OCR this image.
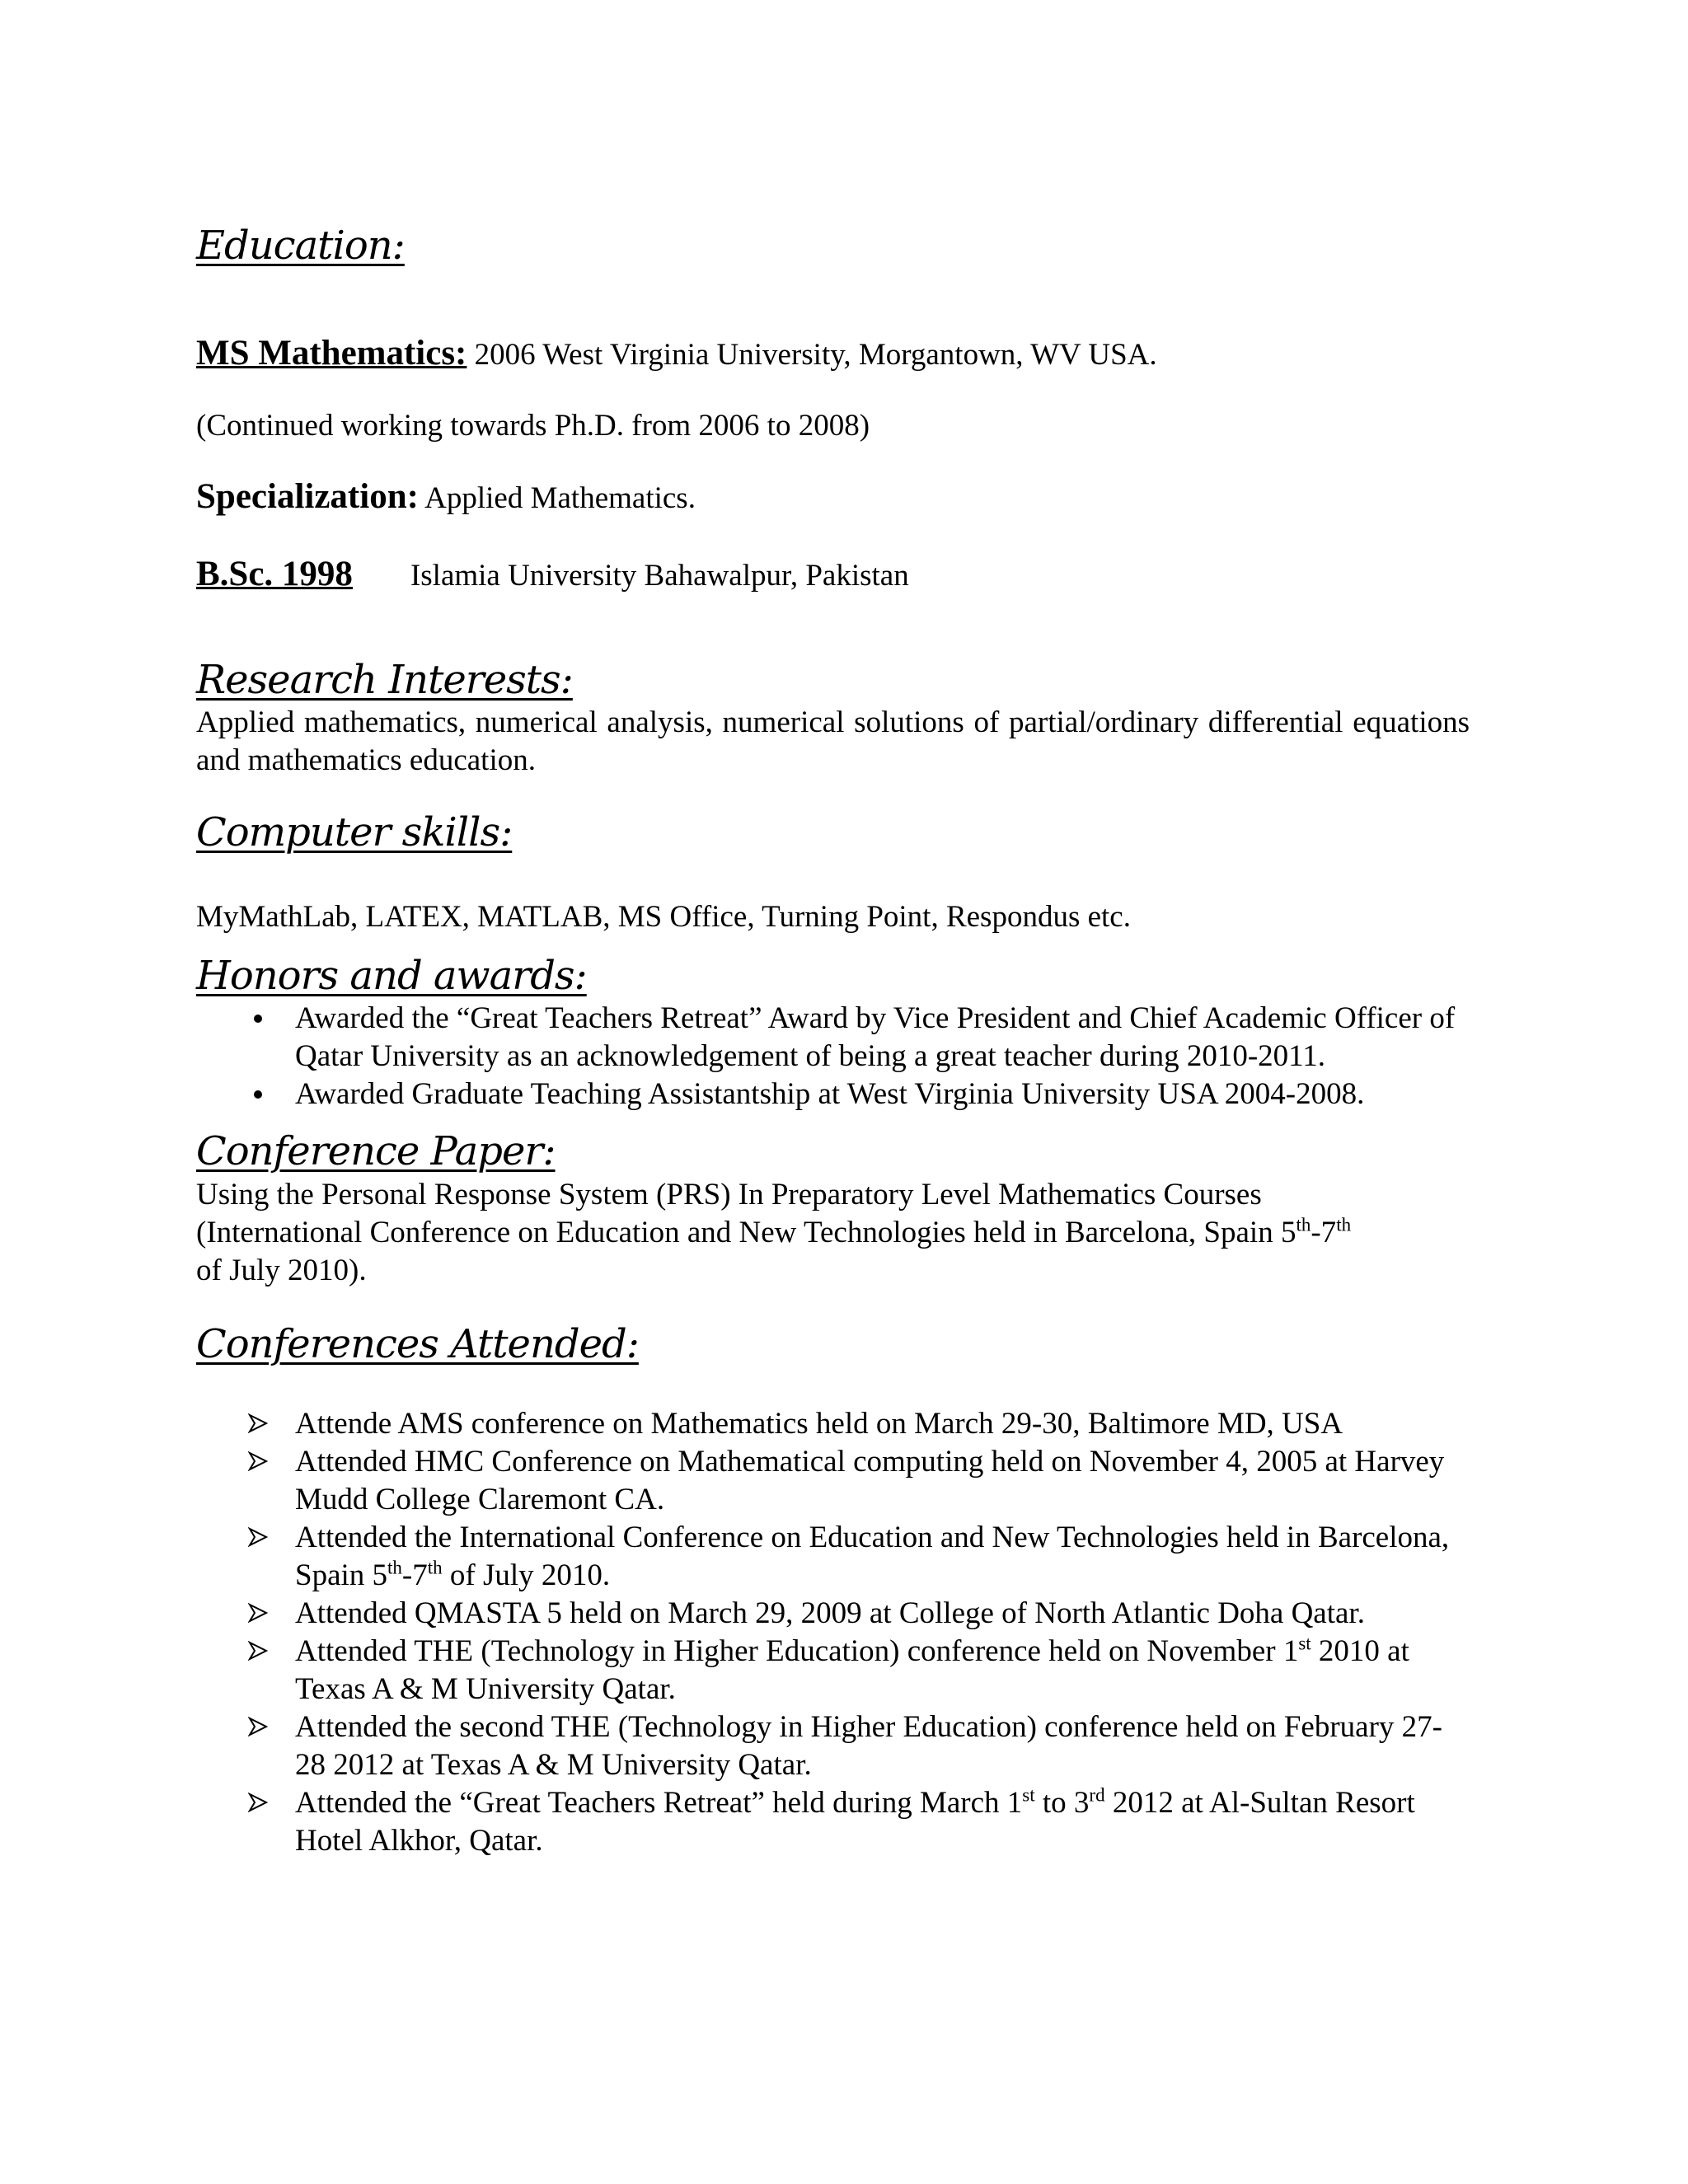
Education:

MS Mathematics: 2006 West Virginia University, Morgantown, WV USA.

(Continued working towards Ph.D. from 2006 to 2008)

Specialization: Applied Mathematics.

B.Sc. 1998 Islamia University Bahawalpur, Pakistan

Research Interests:

Applied mathematics, numerical analysis, numerical solutions of partial/ordinary differential equations and mathematics education.

Computer skills:

MyMathLab, LATEX, MATLAB, MS Office, Turning Point, Respondus etc.

Honors and awards:
Awarded the “Great Teachers Retreat” Award by Vice President and Chief Academic Officer of Qatar University as an acknowledgement of being a great teacher during 2010-2011.
Awarded Graduate Teaching Assistantship at West Virginia University USA 2004-2008.
Conference Paper:

Using the Personal Response System (PRS) In Preparatory Level Mathematics Courses

(International Conference on Education and New Technologies held in Barcelona, Spain 5th-7th

of July 2010).

Conferences Attended:
Attende AMS conference on Mathematics held on March 29-30, Baltimore MD, USA
Attended HMC Conference on Mathematical computing held on November 4, 2005 at Harvey Mudd College Claremont CA.
Attended the International Conference on Education and New Technologies held in Barcelona, Spain 5th-7th of July 2010.
Attended QMASTA 5 held on March 29, 2009 at College of North Atlantic Doha Qatar.
Attended THE (Technology in Higher Education) conference held on November 1st 2010 at Texas A & M University Qatar.
Attended the second THE (Technology in Higher Education) conference held on February 27-28 2012 at Texas A & M University Qatar.
Attended the “Great Teachers Retreat” held during March 1st to 3rd 2012 at Al-Sultan Resort Hotel Alkhor, Qatar.
